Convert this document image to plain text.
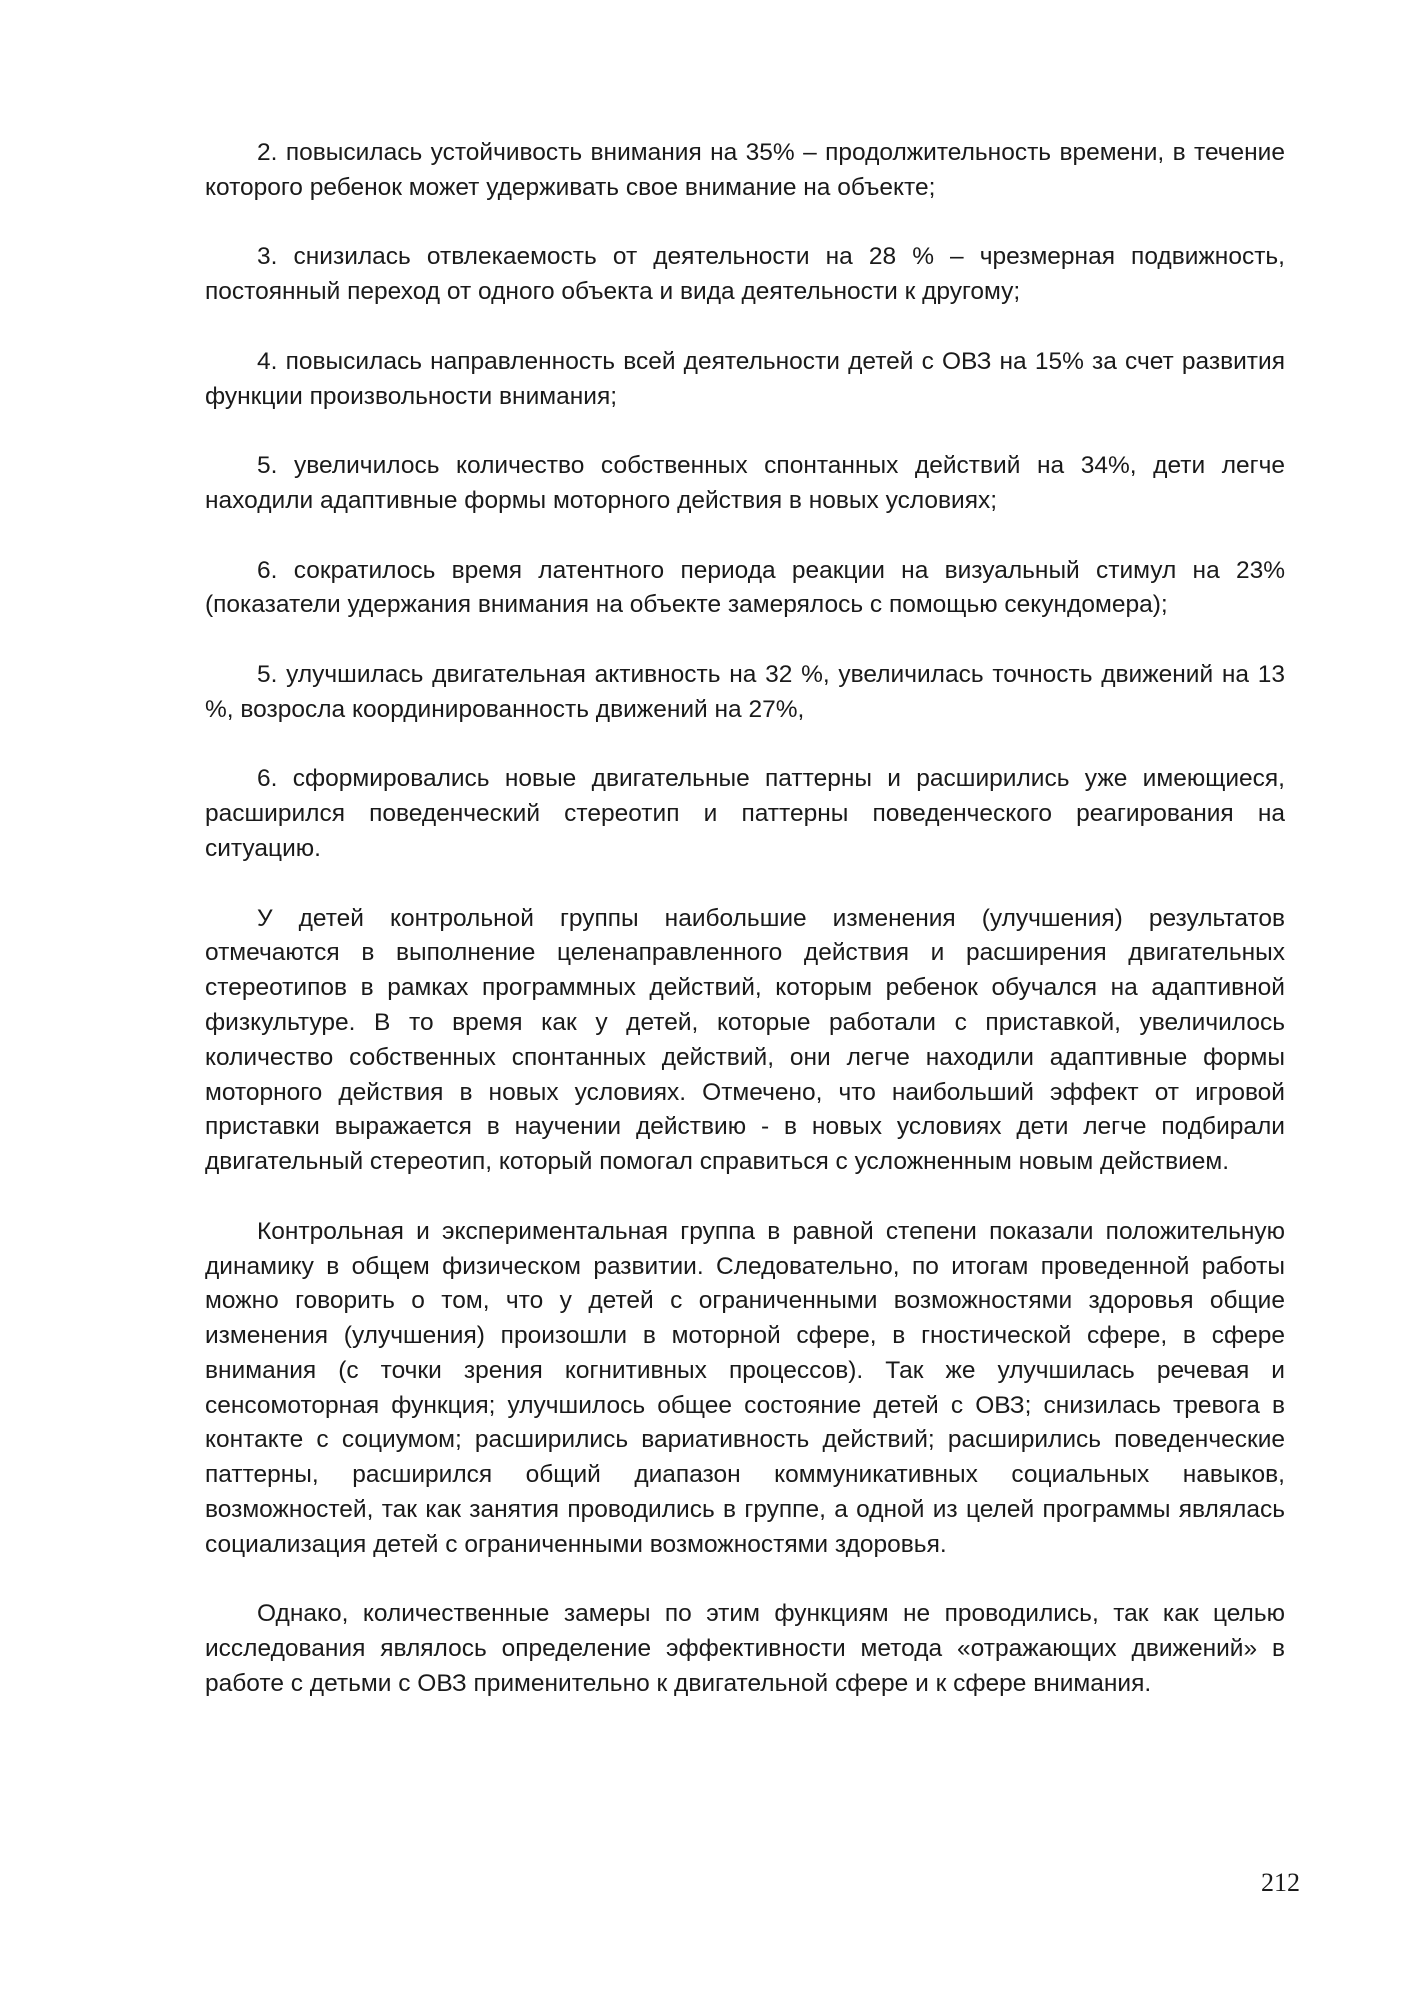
2. повысилась устойчивость внимания на 35% – продолжительность времени, в течение которого ребенок может удерживать свое внимание на объекте;

3. снизилась отвлекаемость от деятельности на 28 % – чрезмерная подвижность, постоянный переход от одного объекта и вида деятельности к другому;

4. повысилась направленность всей деятельности детей с ОВЗ на 15% за счет развития функции произвольности внимания;

5. увеличилось количество собственных спонтанных действий на 34%, дети легче находили адаптивные формы моторного действия в новых условиях;

6. сократилось время латентного периода реакции на визуальный стимул на 23% (показатели удержания внимания на объекте замерялось с помощью секундомера);

5. улучшилась двигательная активность на 32 %, увеличилась точность движений на 13 %, возросла координированность движений на 27%,

6. сформировались новые двигательные паттерны и расширились уже имеющиеся, расширился поведенческий стереотип и паттерны поведенческого реагирования на ситуацию.

У детей контрольной группы наибольшие изменения (улучшения) результатов отмечаются в выполнение целенаправленного действия и расширения двигательных стереотипов в рамках программных действий, которым ребенок обучался на адаптивной физкультуре. В то время как у детей, которые работали с приставкой, увеличилось количество собственных спонтанных действий, они легче находили адаптивные формы моторного действия в новых условиях. Отмечено, что наибольший эффект от игровой приставки выражается в научении действию - в новых условиях дети легче подбирали двигательный стереотип, который помогал справиться с усложненным новым действием.

Контрольная и экспериментальная группа в равной степени показали положительную динамику в общем физическом развитии. Следовательно, по итогам проведенной работы можно говорить о том, что у детей с ограниченными возможностями здоровья общие изменения (улучшения) произошли в моторной сфере, в гностической сфере, в сфере внимания (с точки зрения когнитивных процессов). Так же улучшилась речевая и сенсомоторная функция; улучшилось общее состояние детей с ОВЗ; снизилась тревога в контакте с социумом; расширились вариативность действий; расширились поведенческие паттерны, расширился общий диапазон коммуникативных социальных навыков, возможностей, так как занятия проводились в группе, а одной из целей программы являлась социализация детей с ограниченными возможностями здоровья.

Однако, количественные замеры по этим функциям не проводились, так как целью исследования являлось определение эффективности метода «отражающих движений» в работе с детьми с ОВЗ применительно к двигательной сфере и к сфере внимания.

212
